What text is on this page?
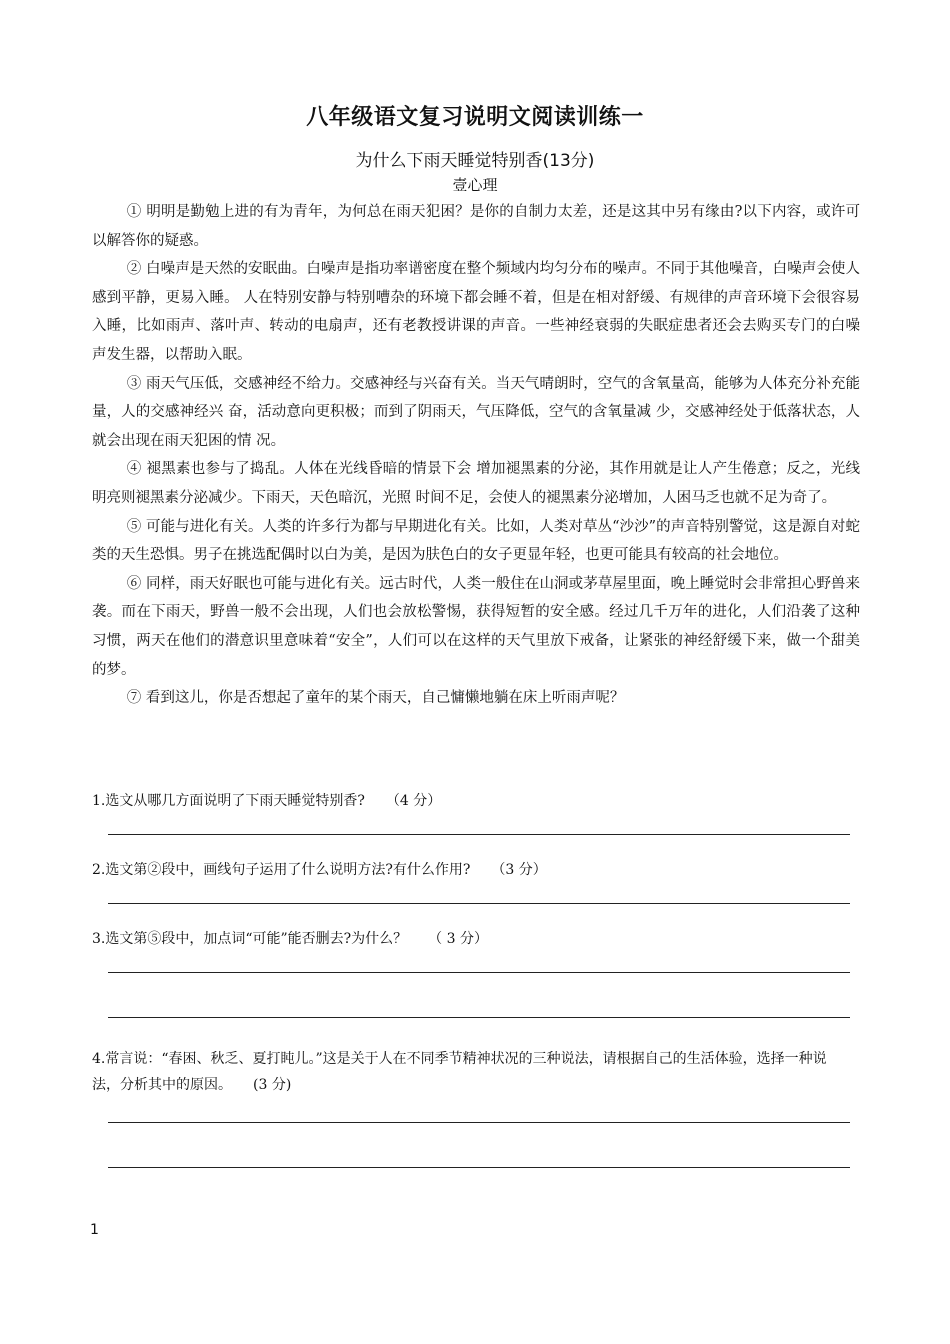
八年级语文复习说明文阅读训练一
为什么下雨天睡觉特别香(13分)
壹心理

① 明明是勤勉上进的有为青年，为何总在雨天犯困？是你的自制力太差，还是这其中另有缘由?以下内容，或许可以解答你的疑惑。

② 白噪声是天然的安眠曲。白噪声是指功率谱密度在整个频域内均匀分布的噪声。不同于其他噪音，白噪声会使人感到平静，更易入睡。 人在特别安静与特别嘈杂的环境下都会睡不着，但是在相对舒缓、有规律的声音环境下会很容易入睡，比如雨声、落叶声、转动的电扇声，还有老教授讲课的声音。一些神经衰弱的失眠症患者还会去购买专门的白噪声发生器，以帮助入眠。

③ 雨天气压低，交感神经不给力。交感神经与兴奋有关。当天气晴朗时，空气的含氧量高，能够为人体充分补充能量，人的交感神经兴 奋，活动意向更积极；而到了阴雨天，气压降低，空气的含氧量减 少，交感神经处于低落状态，人就会出现在雨天犯困的情 况。

④ 褪黑素也参与了捣乱。人体在光线昏暗的情景下会 增加褪黑素的分泌，其作用就是让人产生倦意；反之，光线明亮则褪黑素分泌减少。下雨天，天色暗沉，光照 时间不足，会使人的褪黑素分泌增加，人困马乏也就不足为奇了。

⑤ 可能与进化有关。人类的许多行为都与早期进化有关。比如，人类对草丛“沙沙”的声音特别警觉，这是源自对蛇类的天生恐惧。男子在挑选配偶时以白为美，是因为肤色白的女子更显年轻，也更可能具有较高的社会地位。

⑥ 同样，雨天好眠也可能与进化有关。远古时代，人类一般住在山洞或茅草屋里面，晚上睡觉时会非常担心野兽来袭。而在下雨天，野兽一般不会出现，人们也会放松警惕，获得短暂的安全感。经过几千万年的进化，人们沿袭了这种习惯，两天在他们的潜意识里意味着“安全”，人们可以在这样的天气里放下戒备，让紧张的神经舒缓下来，做一个甜美的梦。

⑦ 看到这儿，你是否想起了童年的某个雨天，自己慵懒地躺在床上听雨声呢？

1.选文从哪几方面说明了下雨天睡觉特别香?　　（4 分）

2.选文第②段中，画线句子运用了什么说明方法?有什么作用?　　（3 分）

3.选文第⑤段中，加点词“可能”能否删去?为什么？　　（ 3 分）

4.常言说：“春困、秋乏、夏打盹儿。”这是关于人在不同季节精神状况的三种说法，请根据自己的生活体验，选择一种说法，分析其中的原因。　　(3 分)

1
